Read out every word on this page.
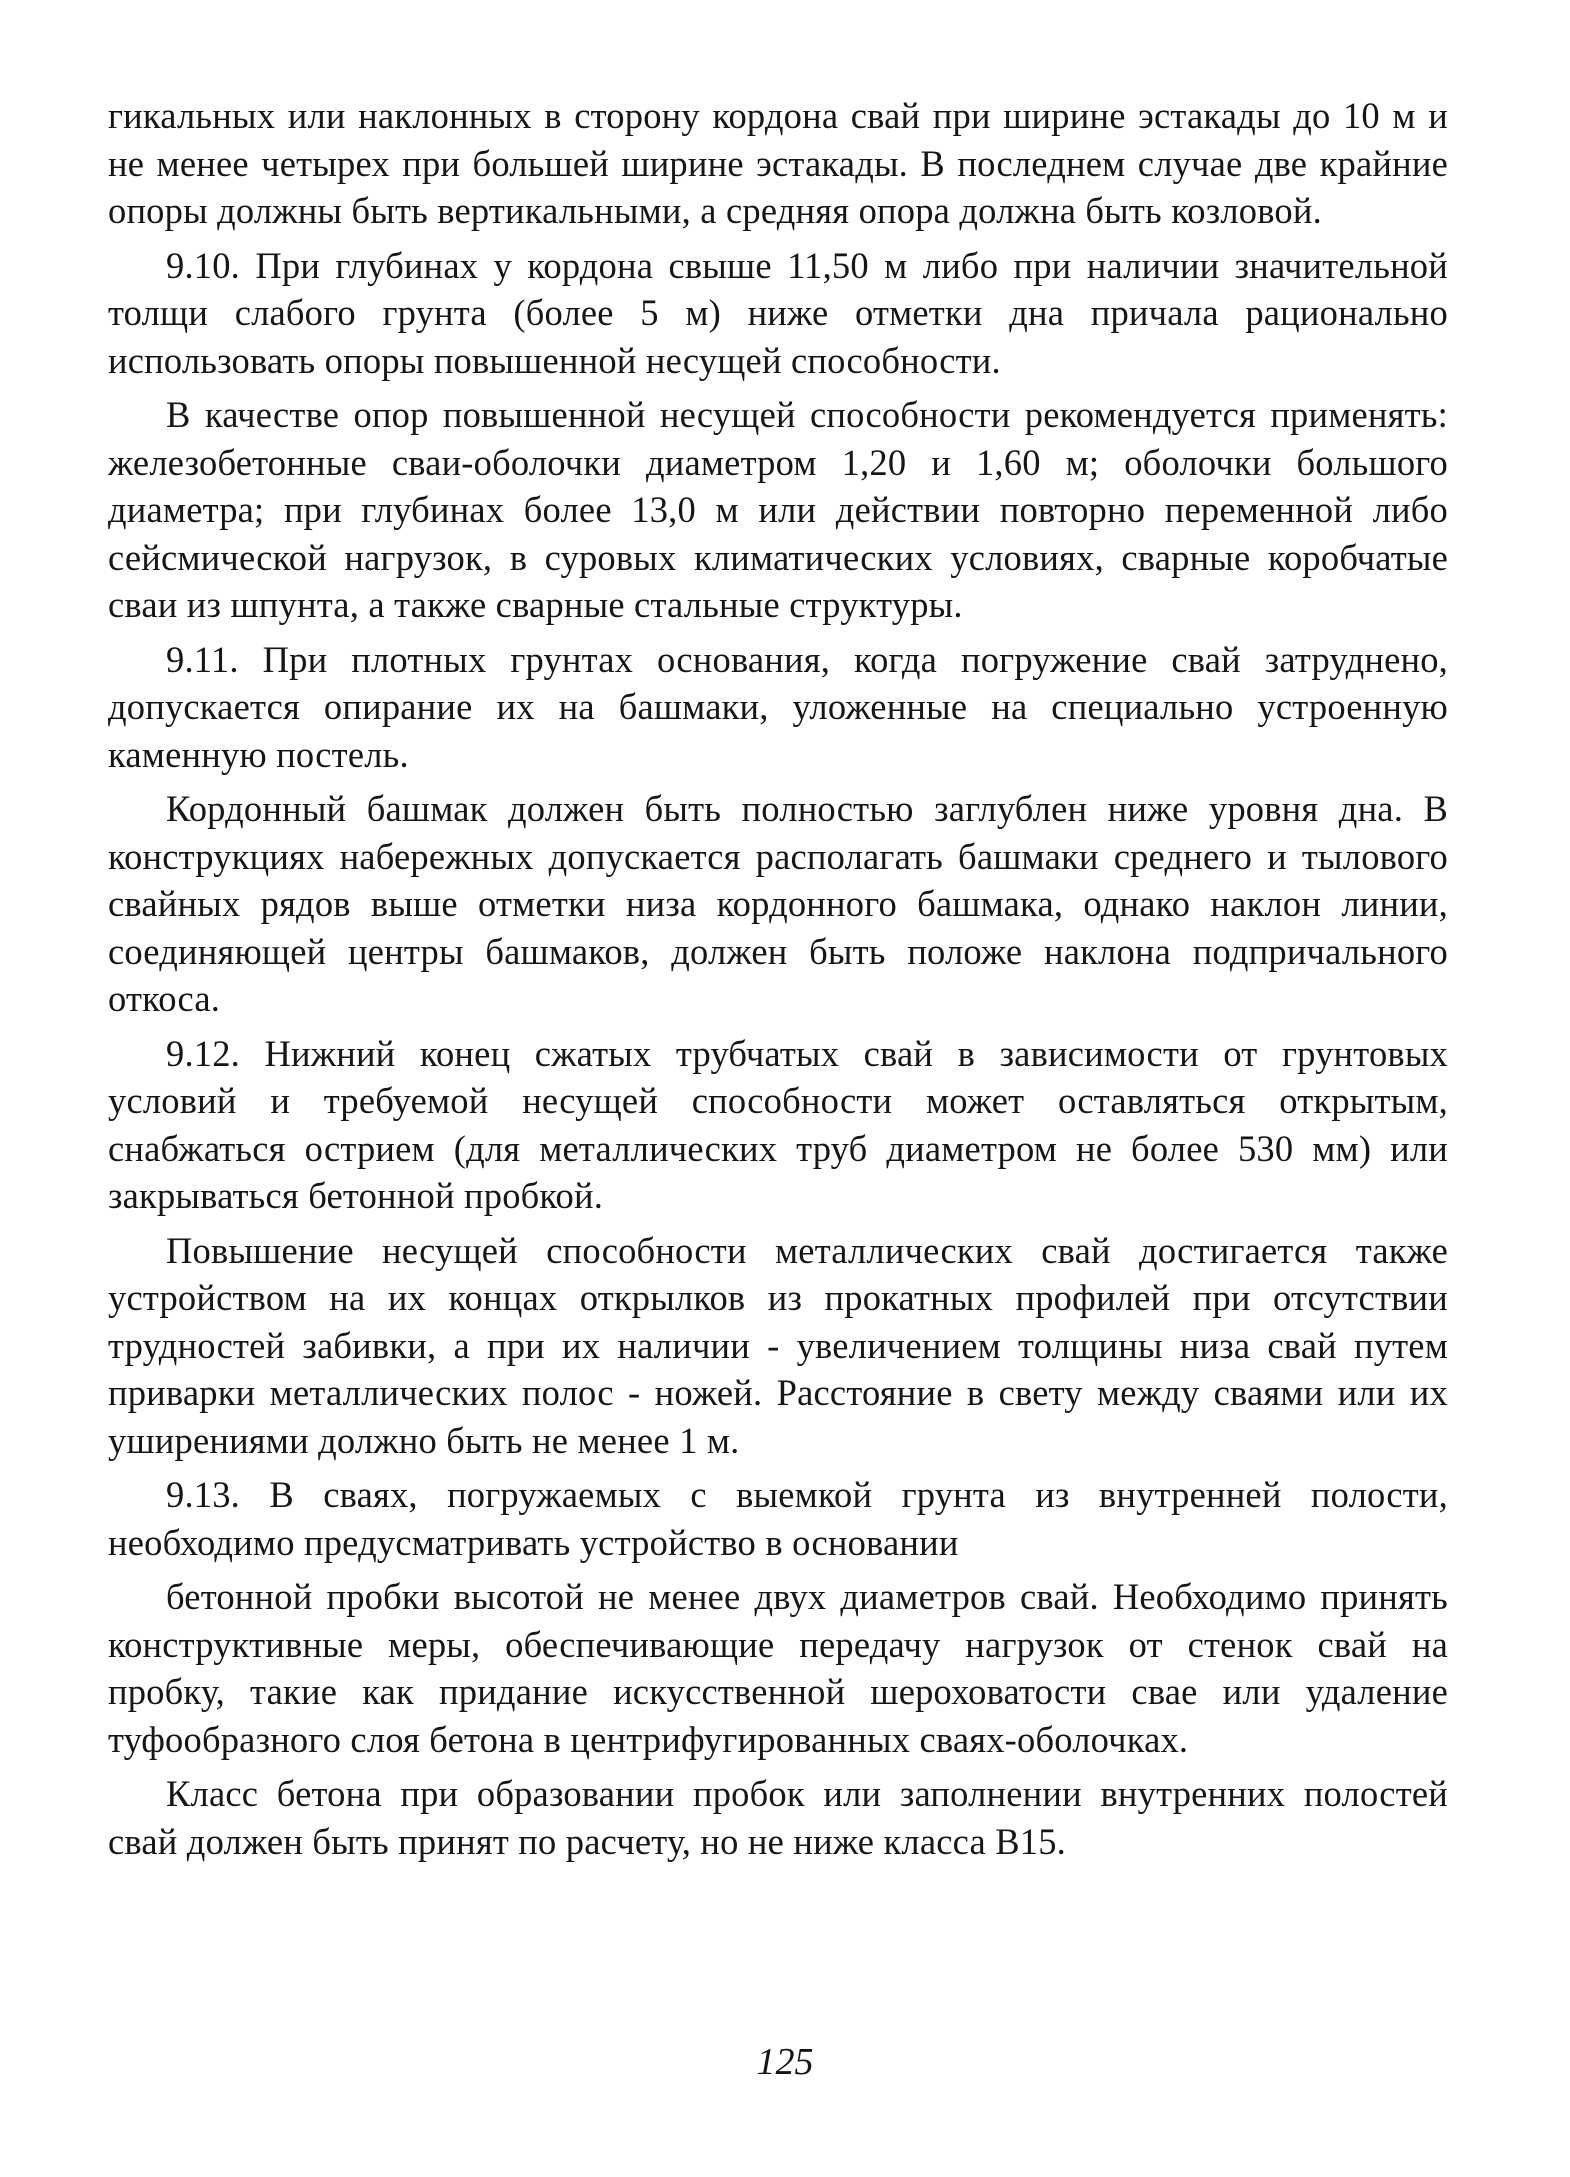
гикальных или наклонных в сторону кордона свай при ширине эстакады до 10 м и не менее четырех при большей ширине эстакады. В последнем случае две крайние опоры должны быть вертикальными, а средняя опора должна быть козловой.

9.10. При глубинах у кордона свыше 11,50 м либо при наличии значительной толщи слабого грунта (более 5 м) ниже отметки дна причала рационально использовать опоры повышенной несущей способности.

В качестве опор повышенной несущей способности рекомендуется применять: железобетонные сваи-оболочки диаметром 1,20 и 1,60 м; оболочки большого диаметра; при глубинах более 13,0 м или действии повторно переменной либо сейсмической нагрузок, в суровых климатических условиях, сварные коробчатые сваи из шпунта, а также сварные стальные структуры.

9.11. При плотных грунтах основания, когда погружение свай затруднено, допускается опирание их на башмаки, уложенные на специально устроенную каменную постель.

Кордонный башмак должен быть полностью заглублен ниже уровня дна. В конструкциях набережных допускается располагать башмаки среднего и тылового свайных рядов выше отметки низа кордонного башмака, однако наклон линии, соединяющей центры башмаков, должен быть положе наклона подпричального откоса.

9.12. Нижний конец сжатых трубчатых свай в зависимости от грунтовых условий и требуемой несущей способности может оставляться открытым, снабжаться острием (для металлических труб диаметром не более 530 мм) или закрываться бетонной пробкой.

Повышение несущей способности металлических свай достигается также устройством на их концах открылков из прокатных профилей при отсутствии трудностей забивки, а при их наличии - увеличением толщины низа свай путем приварки металлических полос - ножей. Расстояние в свету между сваями или их уширениями должно быть не менее 1 м.

9.13. В сваях, погружаемых с выемкой грунта из внутренней полости, необходимо предусматривать устройство в основании

бетонной пробки высотой не менее двух диаметров свай. Необходимо принять конструктивные меры, обеспечивающие передачу нагрузок от стенок свай на пробку, такие как придание искусственной шероховатости свае или удаление туфообразного слоя бетона в центрифугированных сваях-оболочках.

Класс бетона при образовании пробок или заполнении внутренних полостей свай должен быть принят по расчету, но не ниже класса В15.

125
